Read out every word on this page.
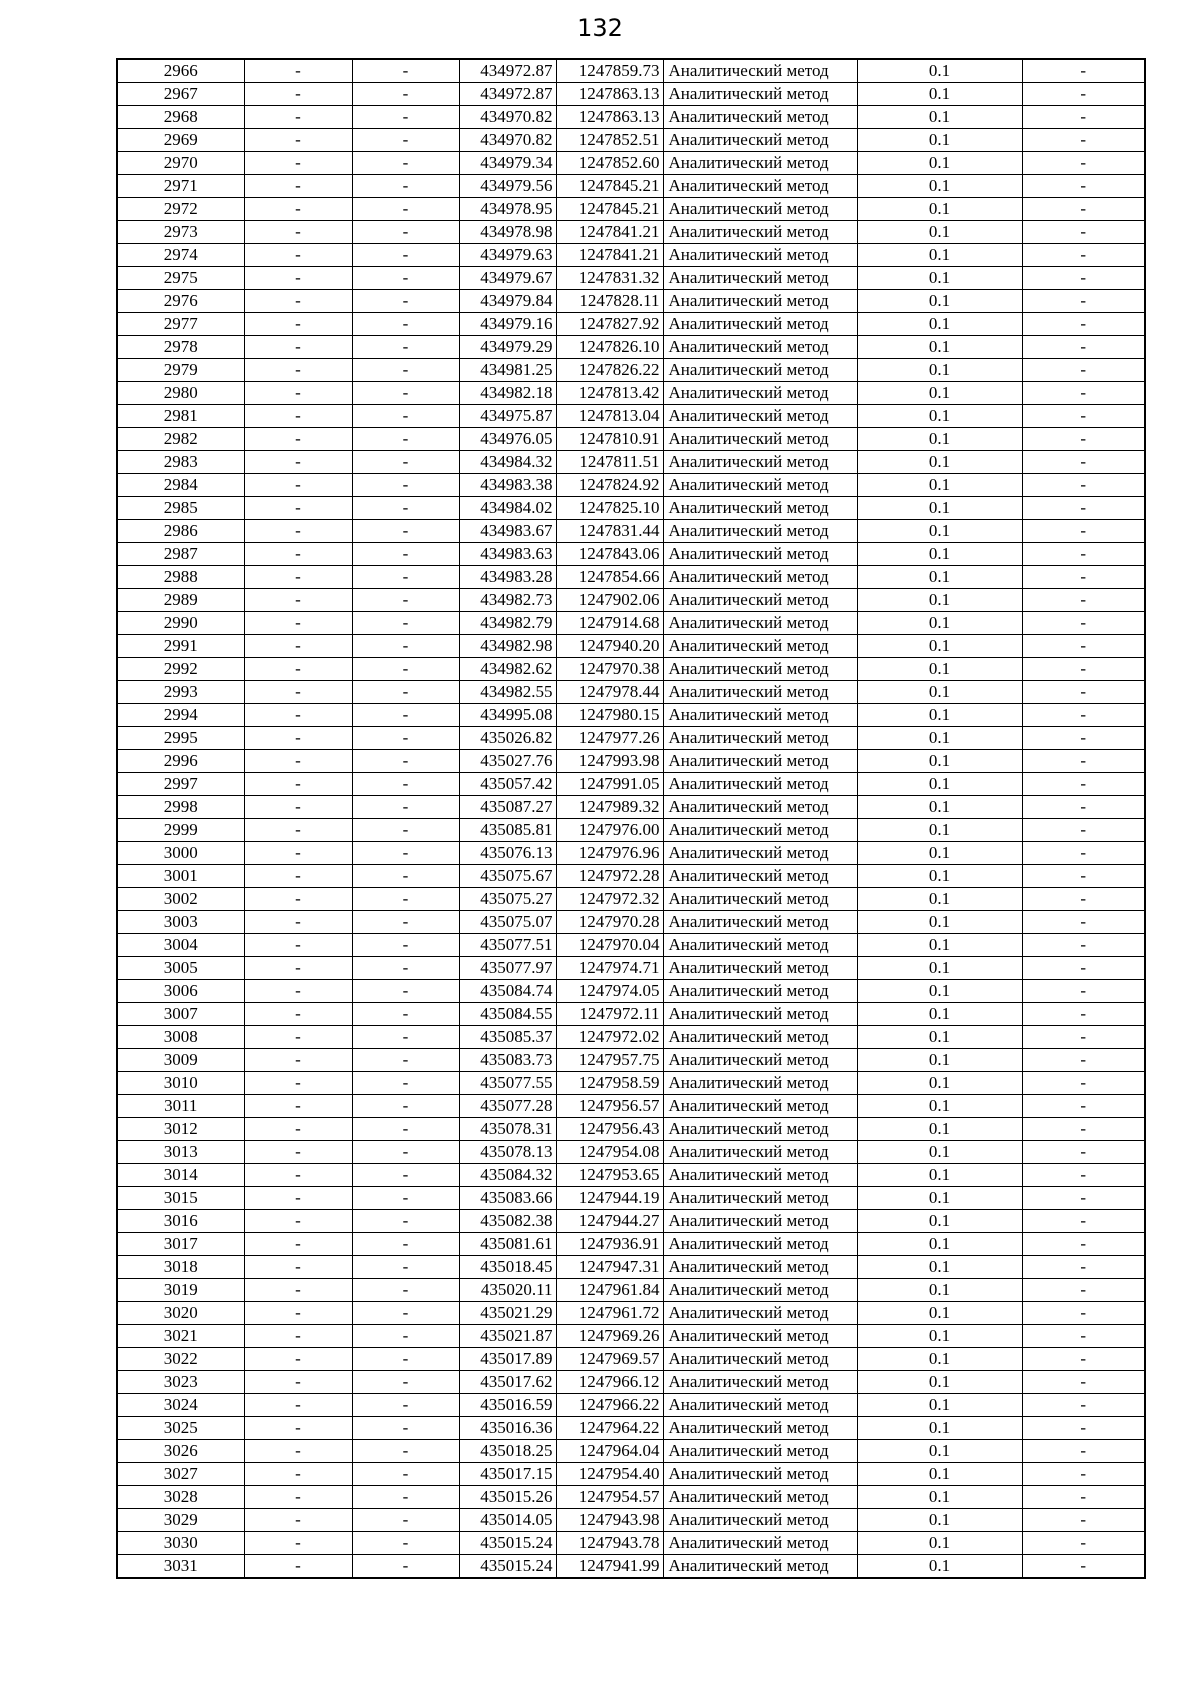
132
2966	-	-	434972.87	1247859.73	Аналитический метод	0.1	-
2967	-	-	434972.87	1247863.13	Аналитический метод	0.1	-
2968	-	-	434970.82	1247863.13	Аналитический метод	0.1	-
2969	-	-	434970.82	1247852.51	Аналитический метод	0.1	-
2970	-	-	434979.34	1247852.60	Аналитический метод	0.1	-
2971	-	-	434979.56	1247845.21	Аналитический метод	0.1	-
2972	-	-	434978.95	1247845.21	Аналитический метод	0.1	-
2973	-	-	434978.98	1247841.21	Аналитический метод	0.1	-
2974	-	-	434979.63	1247841.21	Аналитический метод	0.1	-
2975	-	-	434979.67	1247831.32	Аналитический метод	0.1	-
2976	-	-	434979.84	1247828.11	Аналитический метод	0.1	-
2977	-	-	434979.16	1247827.92	Аналитический метод	0.1	-
2978	-	-	434979.29	1247826.10	Аналитический метод	0.1	-
2979	-	-	434981.25	1247826.22	Аналитический метод	0.1	-
2980	-	-	434982.18	1247813.42	Аналитический метод	0.1	-
2981	-	-	434975.87	1247813.04	Аналитический метод	0.1	-
2982	-	-	434976.05	1247810.91	Аналитический метод	0.1	-
2983	-	-	434984.32	1247811.51	Аналитический метод	0.1	-
2984	-	-	434983.38	1247824.92	Аналитический метод	0.1	-
2985	-	-	434984.02	1247825.10	Аналитический метод	0.1	-
2986	-	-	434983.67	1247831.44	Аналитический метод	0.1	-
2987	-	-	434983.63	1247843.06	Аналитический метод	0.1	-
2988	-	-	434983.28	1247854.66	Аналитический метод	0.1	-
2989	-	-	434982.73	1247902.06	Аналитический метод	0.1	-
2990	-	-	434982.79	1247914.68	Аналитический метод	0.1	-
2991	-	-	434982.98	1247940.20	Аналитический метод	0.1	-
2992	-	-	434982.62	1247970.38	Аналитический метод	0.1	-
2993	-	-	434982.55	1247978.44	Аналитический метод	0.1	-
2994	-	-	434995.08	1247980.15	Аналитический метод	0.1	-
2995	-	-	435026.82	1247977.26	Аналитический метод	0.1	-
2996	-	-	435027.76	1247993.98	Аналитический метод	0.1	-
2997	-	-	435057.42	1247991.05	Аналитический метод	0.1	-
2998	-	-	435087.27	1247989.32	Аналитический метод	0.1	-
2999	-	-	435085.81	1247976.00	Аналитический метод	0.1	-
3000	-	-	435076.13	1247976.96	Аналитический метод	0.1	-
3001	-	-	435075.67	1247972.28	Аналитический метод	0.1	-
3002	-	-	435075.27	1247972.32	Аналитический метод	0.1	-
3003	-	-	435075.07	1247970.28	Аналитический метод	0.1	-
3004	-	-	435077.51	1247970.04	Аналитический метод	0.1	-
3005	-	-	435077.97	1247974.71	Аналитический метод	0.1	-
3006	-	-	435084.74	1247974.05	Аналитический метод	0.1	-
3007	-	-	435084.55	1247972.11	Аналитический метод	0.1	-
3008	-	-	435085.37	1247972.02	Аналитический метод	0.1	-
3009	-	-	435083.73	1247957.75	Аналитический метод	0.1	-
3010	-	-	435077.55	1247958.59	Аналитический метод	0.1	-
3011	-	-	435077.28	1247956.57	Аналитический метод	0.1	-
3012	-	-	435078.31	1247956.43	Аналитический метод	0.1	-
3013	-	-	435078.13	1247954.08	Аналитический метод	0.1	-
3014	-	-	435084.32	1247953.65	Аналитический метод	0.1	-
3015	-	-	435083.66	1247944.19	Аналитический метод	0.1	-
3016	-	-	435082.38	1247944.27	Аналитический метод	0.1	-
3017	-	-	435081.61	1247936.91	Аналитический метод	0.1	-
3018	-	-	435018.45	1247947.31	Аналитический метод	0.1	-
3019	-	-	435020.11	1247961.84	Аналитический метод	0.1	-
3020	-	-	435021.29	1247961.72	Аналитический метод	0.1	-
3021	-	-	435021.87	1247969.26	Аналитический метод	0.1	-
3022	-	-	435017.89	1247969.57	Аналитический метод	0.1	-
3023	-	-	435017.62	1247966.12	Аналитический метод	0.1	-
3024	-	-	435016.59	1247966.22	Аналитический метод	0.1	-
3025	-	-	435016.36	1247964.22	Аналитический метод	0.1	-
3026	-	-	435018.25	1247964.04	Аналитический метод	0.1	-
3027	-	-	435017.15	1247954.40	Аналитический метод	0.1	-
3028	-	-	435015.26	1247954.57	Аналитический метод	0.1	-
3029	-	-	435014.05	1247943.98	Аналитический метод	0.1	-
3030	-	-	435015.24	1247943.78	Аналитический метод	0.1	-
3031	-	-	435015.24	1247941.99	Аналитический метод	0.1	-
